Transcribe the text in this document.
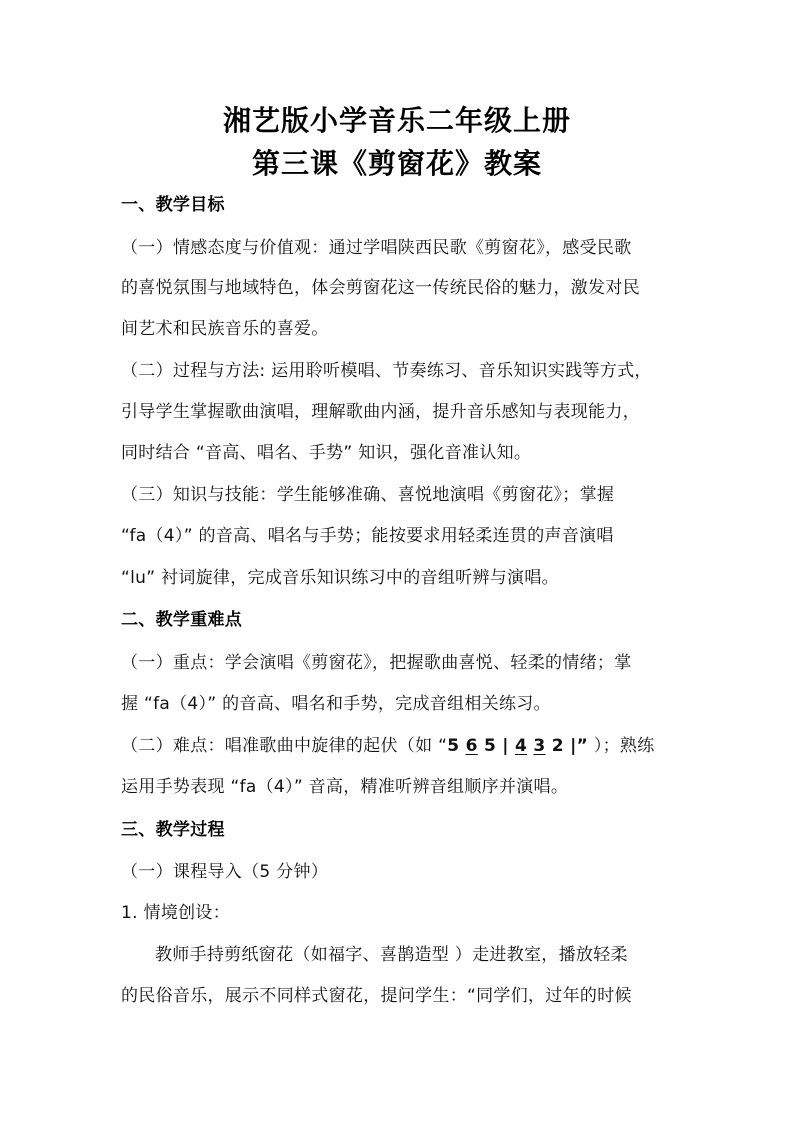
湘艺版小学音乐二年级上册
第三课《剪窗花》教案
一、教学目标
（一）情感态度与价值观：通过学唱陕西民歌《剪窗花》，感受民歌
的喜悦氛围与地域特色，体会剪窗花这一传统民俗的魅力，激发对民
间艺术和民族音乐的喜爱。
（二）过程与方法: 运用聆听模唱、节奏练习、音乐知识实践等方式，
引导学生掌握歌曲演唱，理解歌曲内涵，提升音乐感知与表现能力，
同时结合 “音高、唱名、手势” 知识，强化音准认知。
（三）知识与技能：学生能够准确、喜悦地演唱《剪窗花》；掌握
“fa（4）” 的音高、唱名与手势；能按要求用轻柔连贯的声音演唱
“lu” 衬词旋律，完成音乐知识练习中的音组听辨与演唱。
二、教学重难点
（一）重点：学会演唱《剪窗花》，把握歌曲喜悦、轻柔的情绪；掌
握 “fa（4）” 的音高、唱名和手势，完成音组相关练习。
（二）难点：唱准歌曲中旋律的起伏（如 “5 6 5 | 4 3 2 |” ）；熟练
运用手势表现 “fa（4）” 音高，精准听辨音组顺序并演唱。
三、教学过程
（一）课程导入（5 分钟）
1. 情境创设：
教师手持剪纸窗花（如福字、喜鹊造型 ）走进教室，播放轻柔
的民俗音乐，展示不同样式窗花，提问学生：“同学们，过年的时候
